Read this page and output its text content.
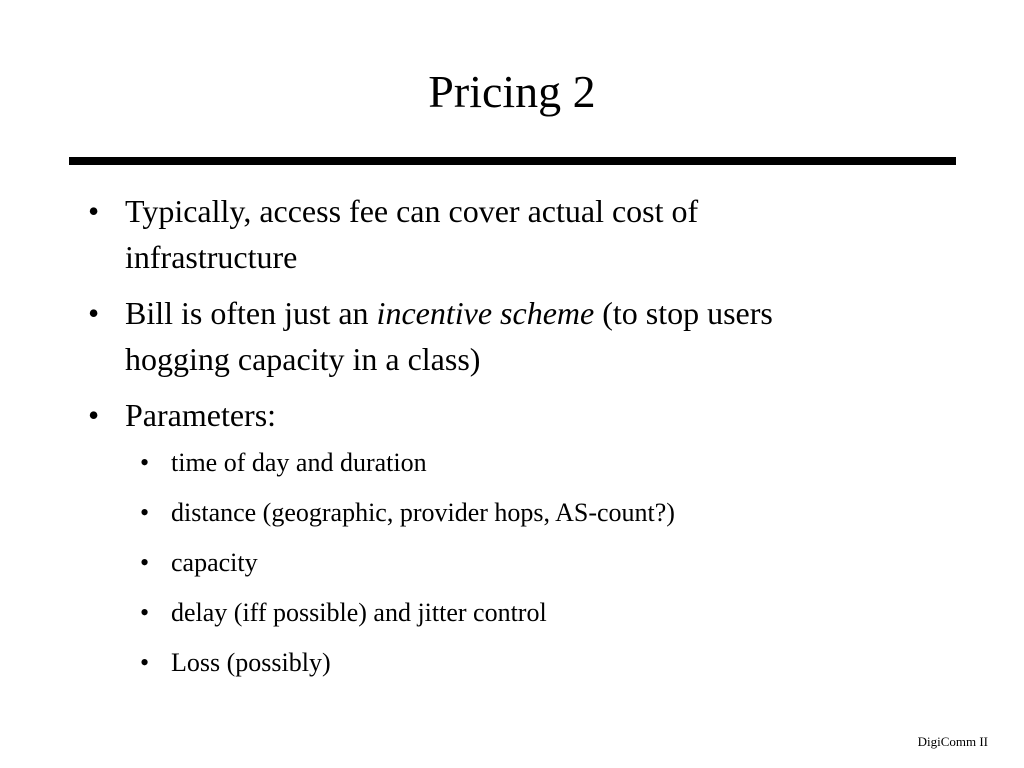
Pricing 2
• Typically, access fee can cover actual cost of infrastructure
• Bill is often just an incentive scheme (to stop users hogging capacity in a class)
• Parameters:
• time of day and duration
• distance (geographic, provider hops, AS-count?)
• capacity
• delay (iff possible) and jitter control
• Loss (possibly)
DigiComm II
